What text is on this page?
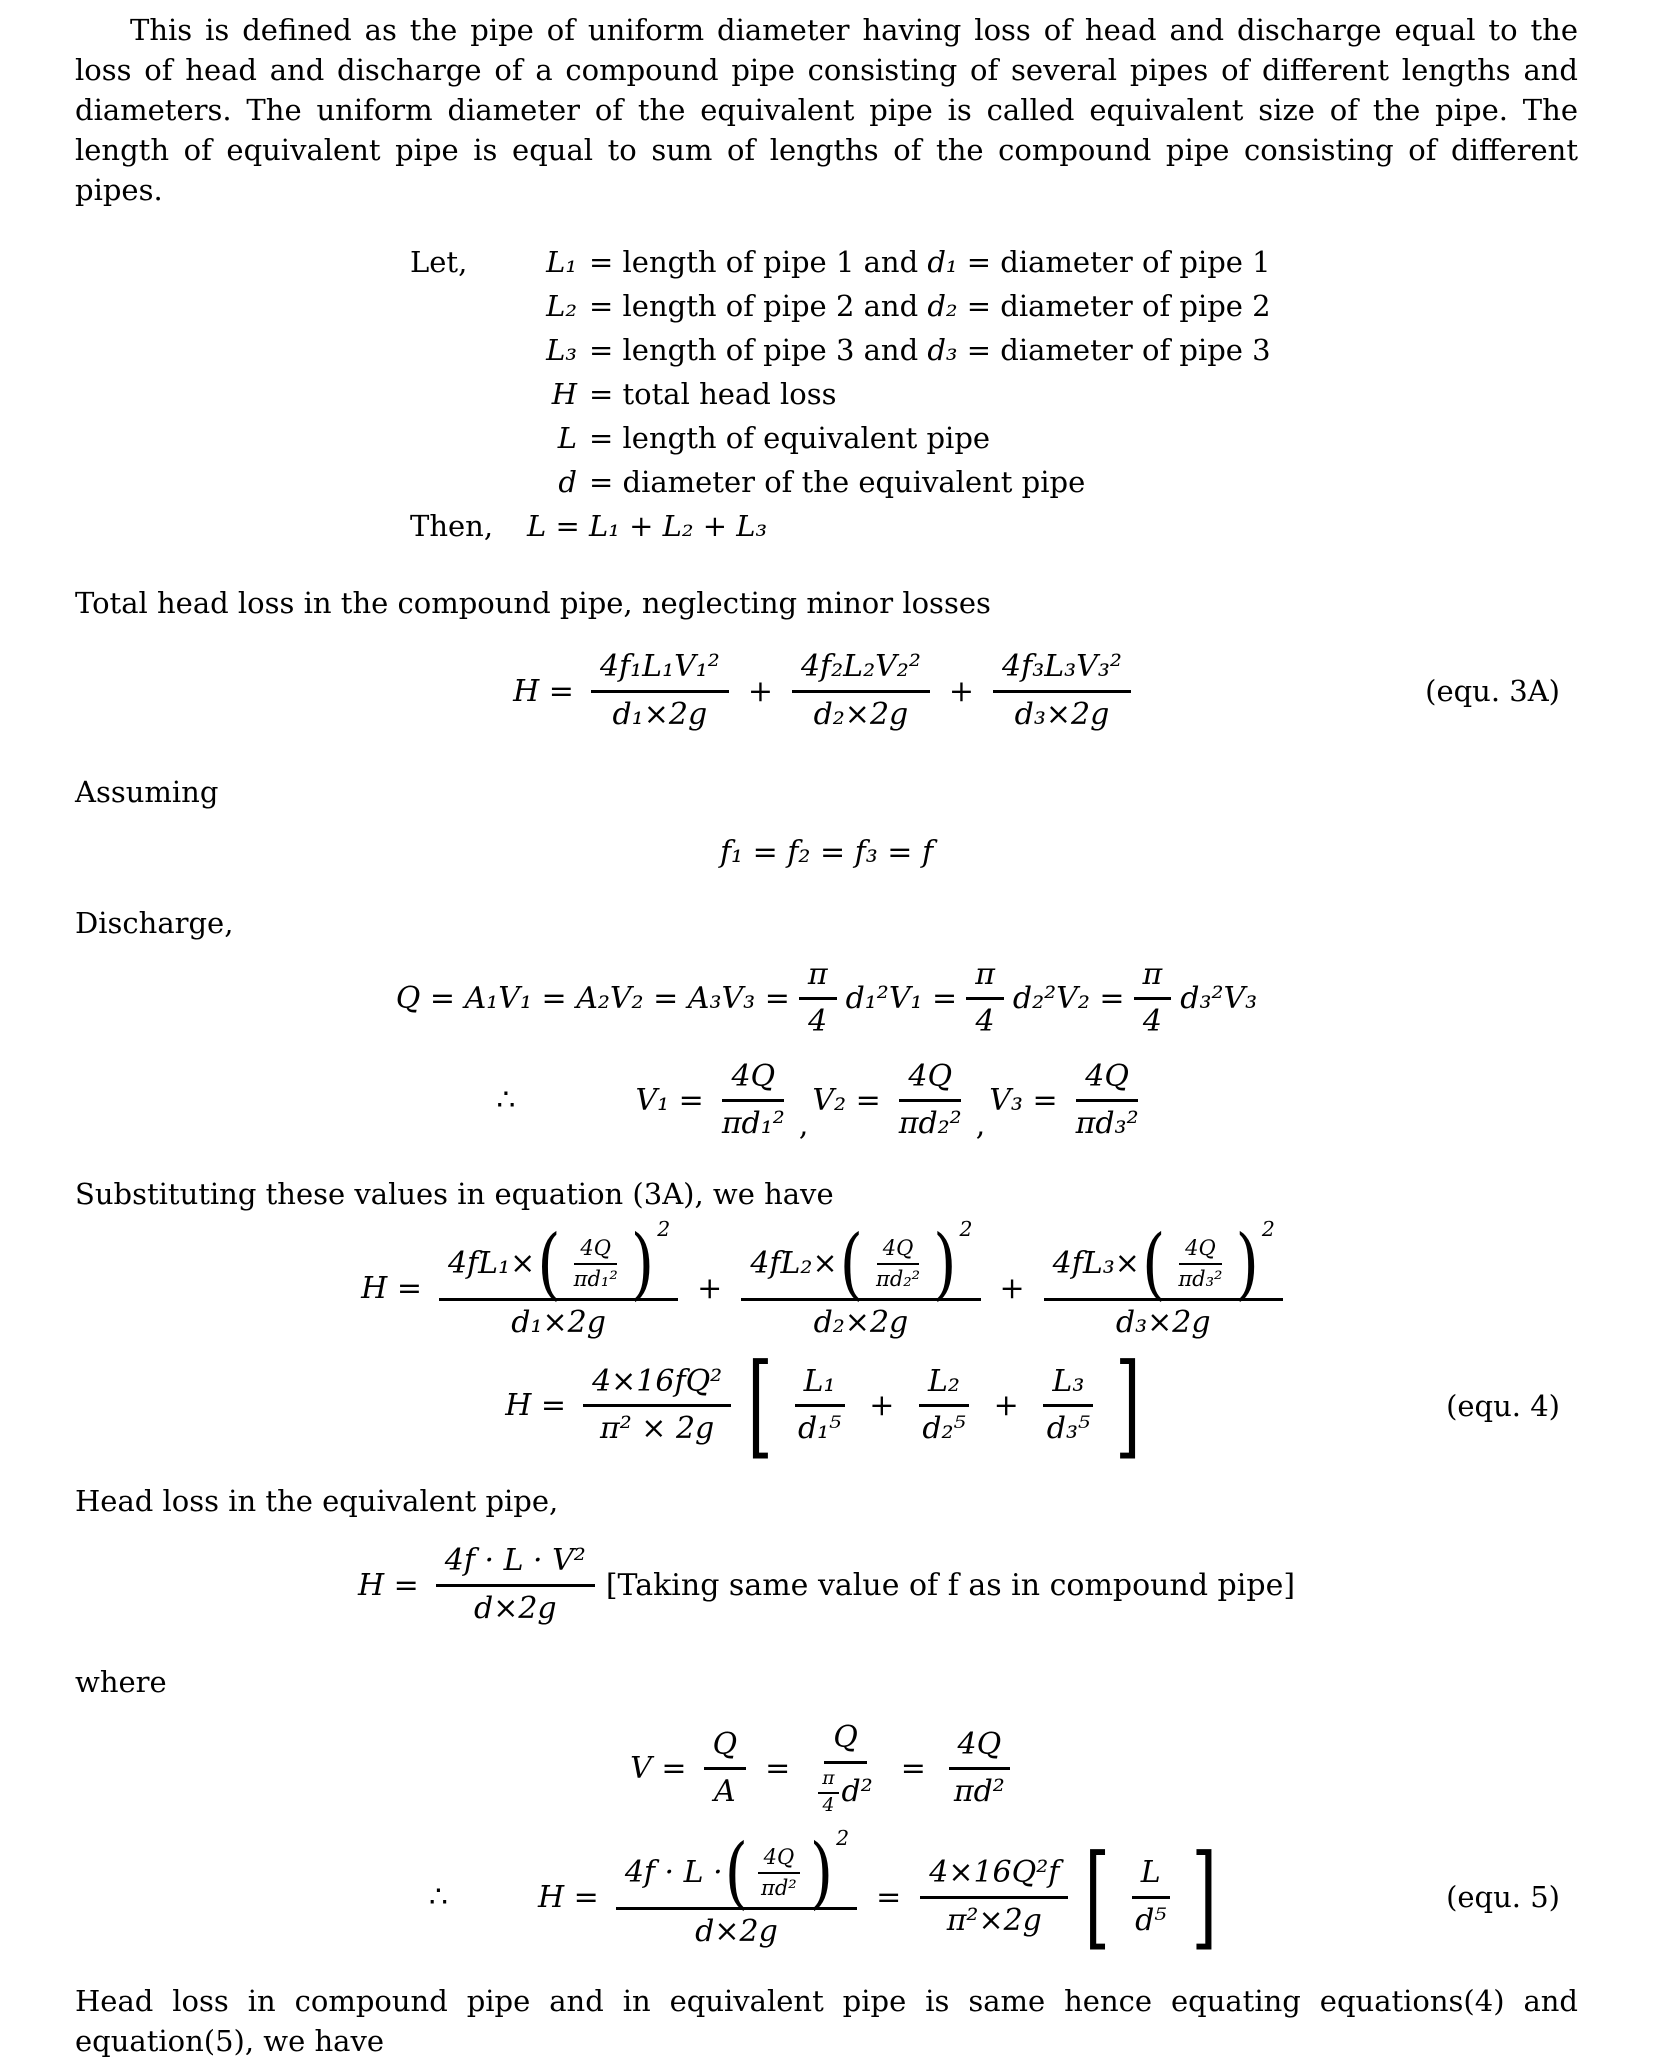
This is defined as the pipe of uniform diameter having loss of head and discharge equal to the loss of head and discharge of a compound pipe consisting of several pipes of different lengths and diameters. The uniform diameter of the equivalent pipe is called equivalent size of the pipe. The length of equivalent pipe is equal to sum of lengths of the compound pipe consisting of different pipes.

Let,	L₁ = length of pipe 1 and d₁ = diameter of pipe 1
L₂ = length of pipe 2 and d₂ = diameter of pipe 2
L₃ = length of pipe 3 and d₃ = diameter of pipe 3
H = total head loss
L = length of equivalent pipe
d = diameter of the equivalent pipe
Then,	L = L₁ + L₂ + L₃

Total head loss in the compound pipe, neglecting minor losses

$H = \frac{\text{4f₁L₁V₁²}}{\text{d₁×2g}} + \frac{\text{4f₂L₂V₂²}}{\text{d₂×2g}} + \frac{\text{4f₃L₃V₃²}}{\text{d₃×2g}}$	(equ. 3A)

Assuming

f₁ = f₂ = f₃ = f

Discharge,

$Q = A_1V_1 = A_2V_2 = A_3V_3 = \frac{\pi}{4} d_1^2V_1 = \frac{\pi}{4} d_2^2V_2 = \frac{\pi}{4} d_3^2V_3$
∴	$V_1 = \frac{4Q}{\text{πd₁²}}$ ,
$V_2 = \frac{4Q}{\text{πd₂²}}$ ,
$V_3 = \frac{4Q}{\text{πd₃²}}$

Substituting these values in equation (3A), we have

$H = \frac{4fL_1\times ( \frac{4Q}{\text{πd₁²}} ) 2}{\text{d₁×2g}} + \frac{4fL_2\times ( \frac{4Q}{\text{πd₂²}} ) 2}{\text{d₂×2g}} + \frac{4fL_3\times ( \frac{4Q}{\text{πd₃²}} ) 2}{\text{d₃×2g}}$
$H = \frac{\text{4×16fQ²}}{\text{π² × 2g}}$ [ $\frac{\text{L₁}}{\text{d₁⁵}} + \frac{\text{L₂}}{\text{d₂⁵}} + \frac{\text{L₃}}{\text{d₃⁵}}$ ]	(equ. 4)

Head loss in the equivalent pipe,

$H = \frac{\text{4f · L · V²}}{d\times 2g}$ [Taking same value of f as in compound pipe]

where

$V = \frac{Q}{A} = \frac{Q}{\frac{\pi}{4} d^2} = \frac{4Q}{\text{πd²}}$
∴	$H = \frac{4f \cdot L \cdot ( \frac{4Q}{\text{πd²}} ) 2}{d\times 2g} = \frac{\text{4×16Q²f}}{\text{π²×2g}}$ [ $\frac{L}{\text{d⁵}}$ ]	(equ. 5)

Head loss in compound pipe and in equivalent pipe is same hence equating equations(4) and equation(5), we have
